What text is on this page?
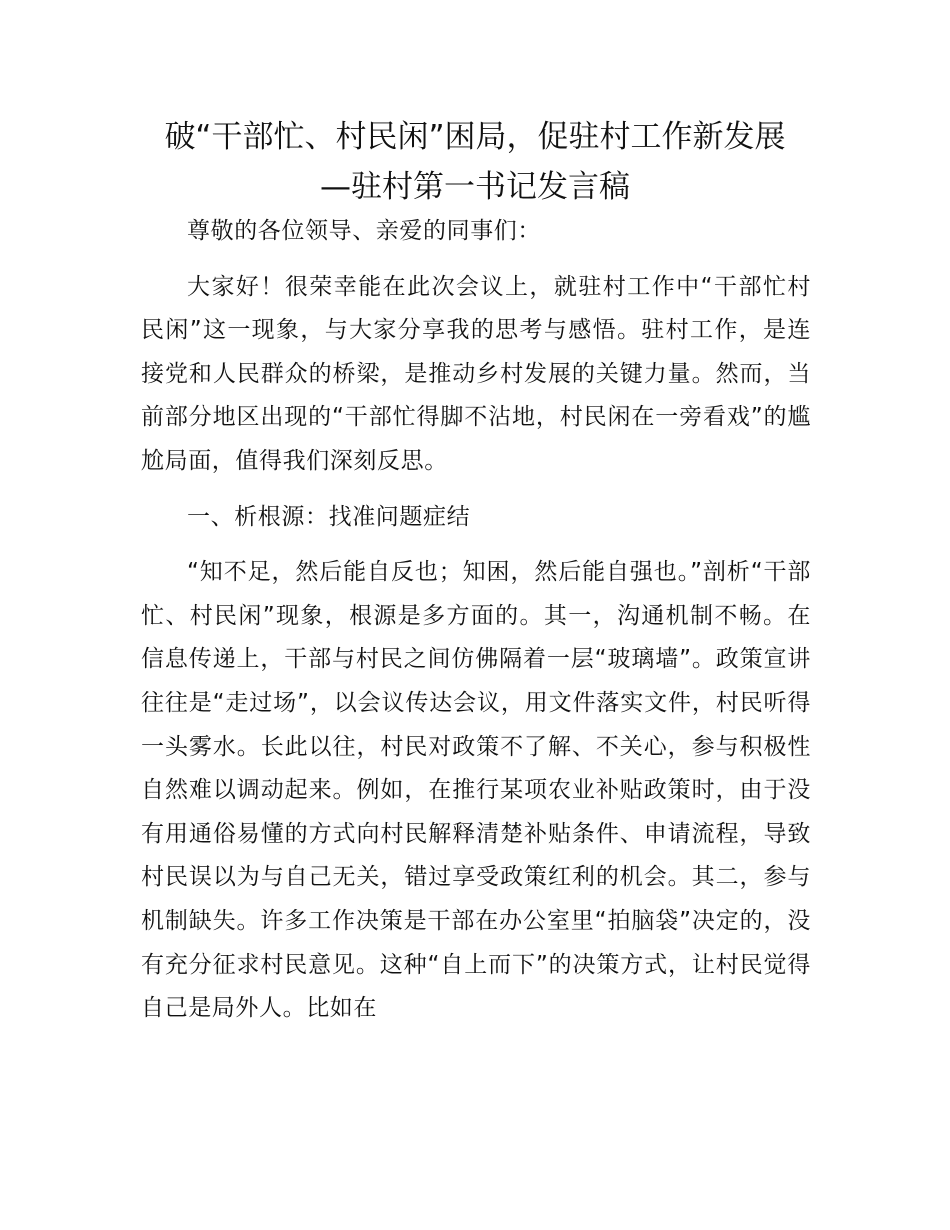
破“干部忙、村民闲”困局，促驻村工作新发展

—驻村第一书记发言稿

尊敬的各位领导、亲爱的同事们：

大家好！很荣幸能在此次会议上，就驻村工作中“干部忙村民闲”这一现象，与大家分享我的思考与感悟。驻村工作，是连接党和人民群众的桥梁，是推动乡村发展的关键力量。然而，当前部分地区出现的“干部忙得脚不沾地，村民闲在一旁看戏”的尴尬局面，值得我们深刻反思。

一、析根源：找准问题症结

“知不足，然后能自反也；知困，然后能自强也。”剖析“干部忙、村民闲”现象，根源是多方面的。其一，沟通机制不畅。在信息传递上，干部与村民之间仿佛隔着一层“玻璃墙”。政策宣讲往往是“走过场”，以会议传达会议，用文件落实文件，村民听得一头雾水。长此以往，村民对政策不了解、不关心，参与积极性自然难以调动起来。例如，在推行某项农业补贴政策时，由于没有用通俗易懂的方式向村民解释清楚补贴条件、申请流程，导致村民误以为与自己无关，错过享受政策红利的机会。其二，参与机制缺失。许多工作决策是干部在办公室里“拍脑袋”决定的，没有充分征求村民意见。这种“自上而下”的决策方式，让村民觉得自己是局外人。比如在
